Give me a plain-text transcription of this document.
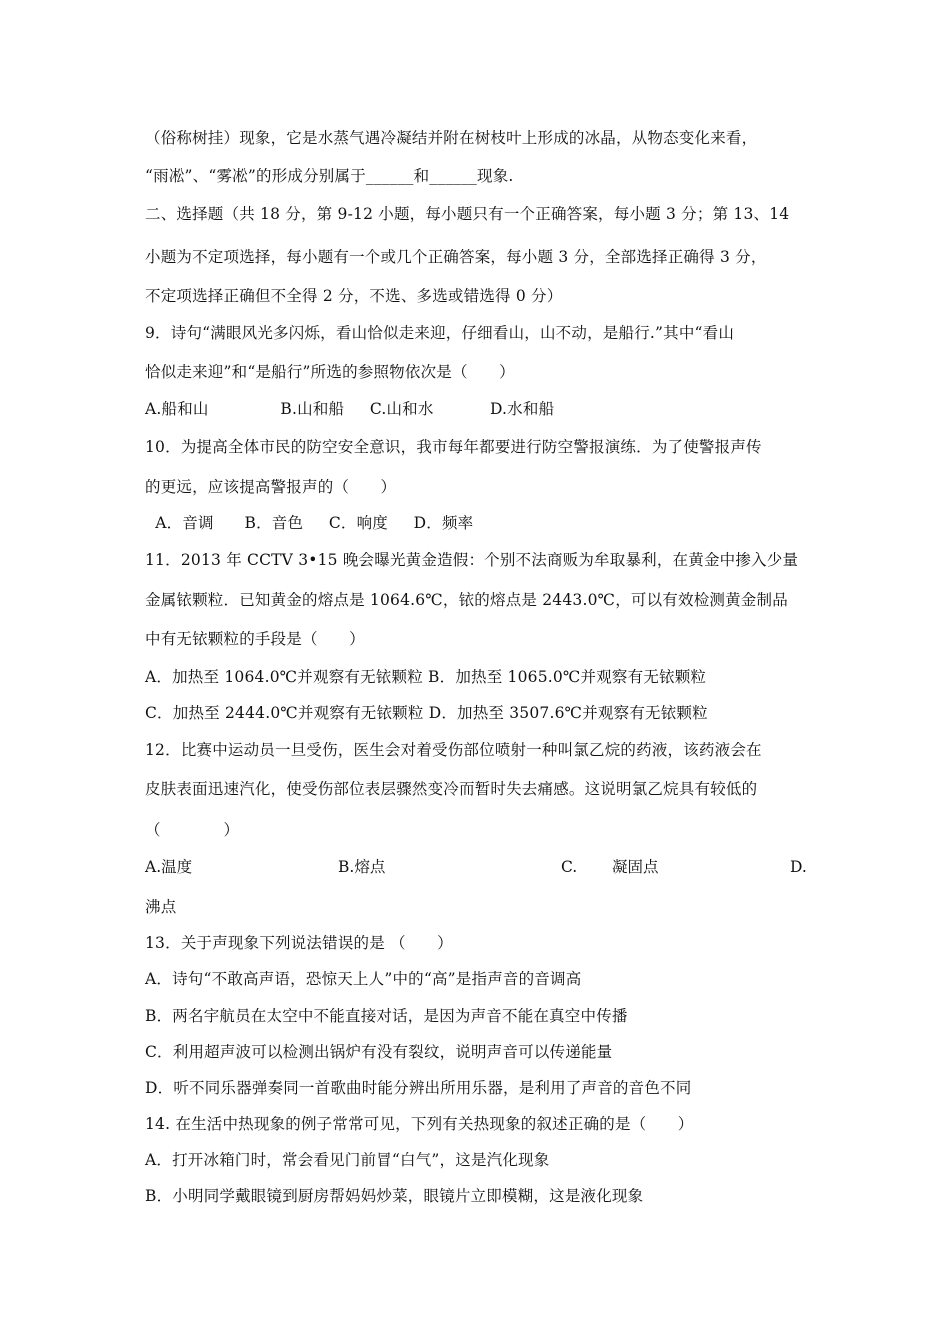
（俗称树挂）现象，它是水蒸气遇冷凝结并附在树枝叶上形成的冰晶，从物态变化来看，
“雨凇”、“雾凇”的形成分别属于______和______现象.
二、选择题（共 18 分，第 9-12 小题，每小题只有一个正确答案，每小题 3 分；第 13、14
小题为不定项选择，每小题有一个或几个正确答案，每小题 3 分，全部选择正确得 3 分，
不定项选择正确但不全得 2 分，不选、多选或错选得 0 分）
9．诗句“满眼风光多闪烁，看山恰似走来迎，仔细看山，山不动，是船行.”其中“看山
恰似走来迎”和“是船行”所选的参照物依次是（　　）
A.船和山              B.山和船     C.山和水           D.水和船
10．为提高全体市民的防空安全意识，我市每年都要进行防空警报演练．为了使警报声传
的更远，应该提高警报声的（　　）
A．音调      B．音色     C．响度     D．频率
11．2013 年 CCTV 3•15 晚会曝光黄金造假：个别不法商贩为牟取暴利，在黄金中掺入少量
金属铱颗粒．已知黄金的熔点是 1064.6℃，铱的熔点是 2443.0℃，可以有效检测黄金制品
中有无铱颗粒的手段是（　　）
A．加热至 1064.0℃并观察有无铱颗粒 B．加热至 1065.0℃并观察有无铱颗粒
C．加热至 2444.0℃并观察有无铱颗粒 D．加热至 3507.6℃并观察有无铱颗粒
12．比赛中运动员一旦受伤，医生会对着受伤部位喷射一种叫氯乙烷的药液，该药液会在
皮肤表面迅速汽化，使受伤部位表层骤然变冷而暂时失去痛感。这说明氯乙烷具有较低的
（　　　　）
A.温度	B.熔点	C. 凝固点	D.
沸点
13．关于声现象下列说法错误的是 （　　）
A．诗句“不敢高声语，恐惊天上人”中的“高”是指声音的音调高
B．两名宇航员在太空中不能直接对话，是因为声音不能在真空中传播
C．利用超声波可以检测出锅炉有没有裂纹，说明声音可以传递能量
D．听不同乐器弹奏同一首歌曲时能分辨出所用乐器，是利用了声音的音色不同
14. 在生活中热现象的例子常常可见，下列有关热现象的叙述正确的是（　　）
A．打开冰箱门时，常会看见门前冒“白气”，这是汽化现象
B．小明同学戴眼镜到厨房帮妈妈炒菜，眼镜片立即模糊，这是液化现象
